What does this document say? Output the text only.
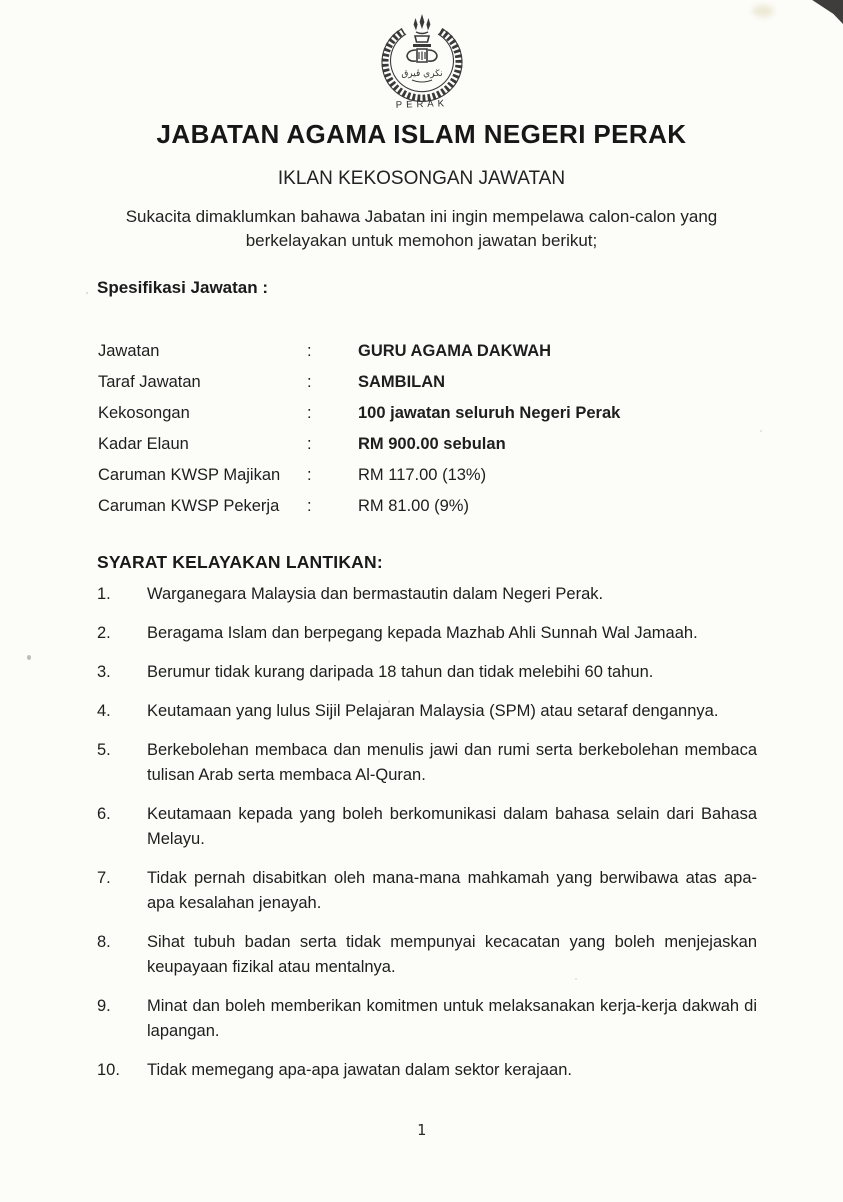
نڬري ڤيرق
PERAK
JABATAN AGAMA ISLAM NEGERI PERAK
IKLAN KEKOSONGAN JAWATAN
Sukacita dimaklumkan bahawa Jabatan ini ingin mempelawa calon-calon yang berkelayakan untuk memohon jawatan berikut;
Spesifikasi Jawatan :
Jawatan	:	GURU AGAMA DAKWAH
Taraf Jawatan	:	SAMBILAN
Kekosongan	:	100 jawatan seluruh Negeri Perak
Kadar Elaun	:	RM 900.00 sebulan
Caruman KWSP Majikan	:	RM 117.00 (13%)
Caruman KWSP Pekerja	:	RM 81.00 (9%)
SYARAT KELAYAKAN LANTIKAN:
1.	Warganegara Malaysia dan bermastautin dalam Negeri Perak.
2.	Beragama Islam dan berpegang kepada Mazhab Ahli Sunnah Wal Jamaah.
3.	Berumur tidak kurang daripada 18 tahun dan tidak melebihi 60 tahun.
4.	Keutamaan yang lulus Sijil Pelajaran Malaysia (SPM) atau setaraf dengannya.
5.	Berkebolehan membaca dan menulis jawi dan rumi serta berkebolehan membaca tulisan Arab serta membaca Al-Quran.
6.	Keutamaan kepada yang boleh berkomunikasi dalam bahasa selain dari Bahasa Melayu.
7.	Tidak pernah disabitkan oleh mana-mana mahkamah yang berwibawa atas apa-apa kesalahan jenayah.
8.	Sihat tubuh badan serta tidak mempunyai kecacatan yang boleh menjejaskan keupayaan fizikal atau mentalnya.
9.	Minat dan boleh memberikan komitmen untuk melaksanakan kerja-kerja dakwah di lapangan.
10.	Tidak memegang apa-apa jawatan dalam sektor kerajaan.
1
